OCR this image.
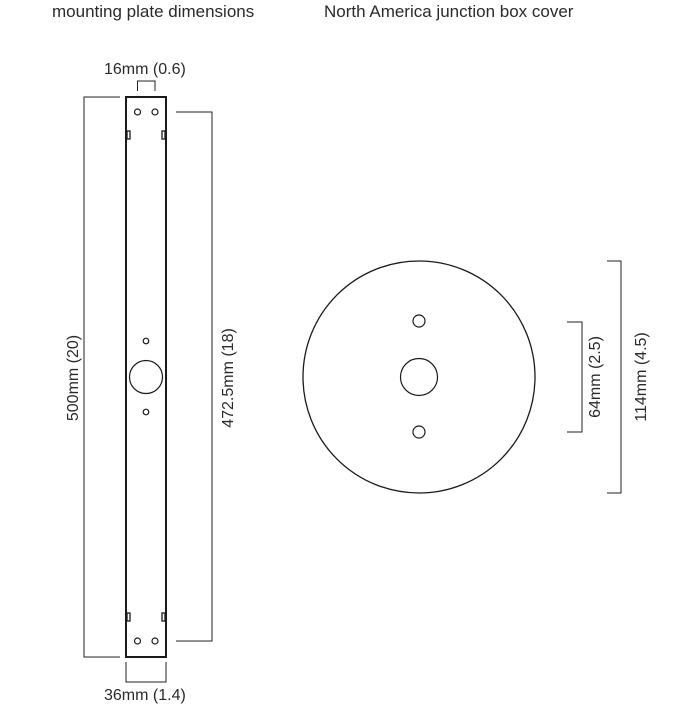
mounting plate dimensions	North America junction box cover
16mm (0.6)
36mm (1.4)
500mm (20)	472.5mm (18)	64mm (2.5) 114mm (4.5)
